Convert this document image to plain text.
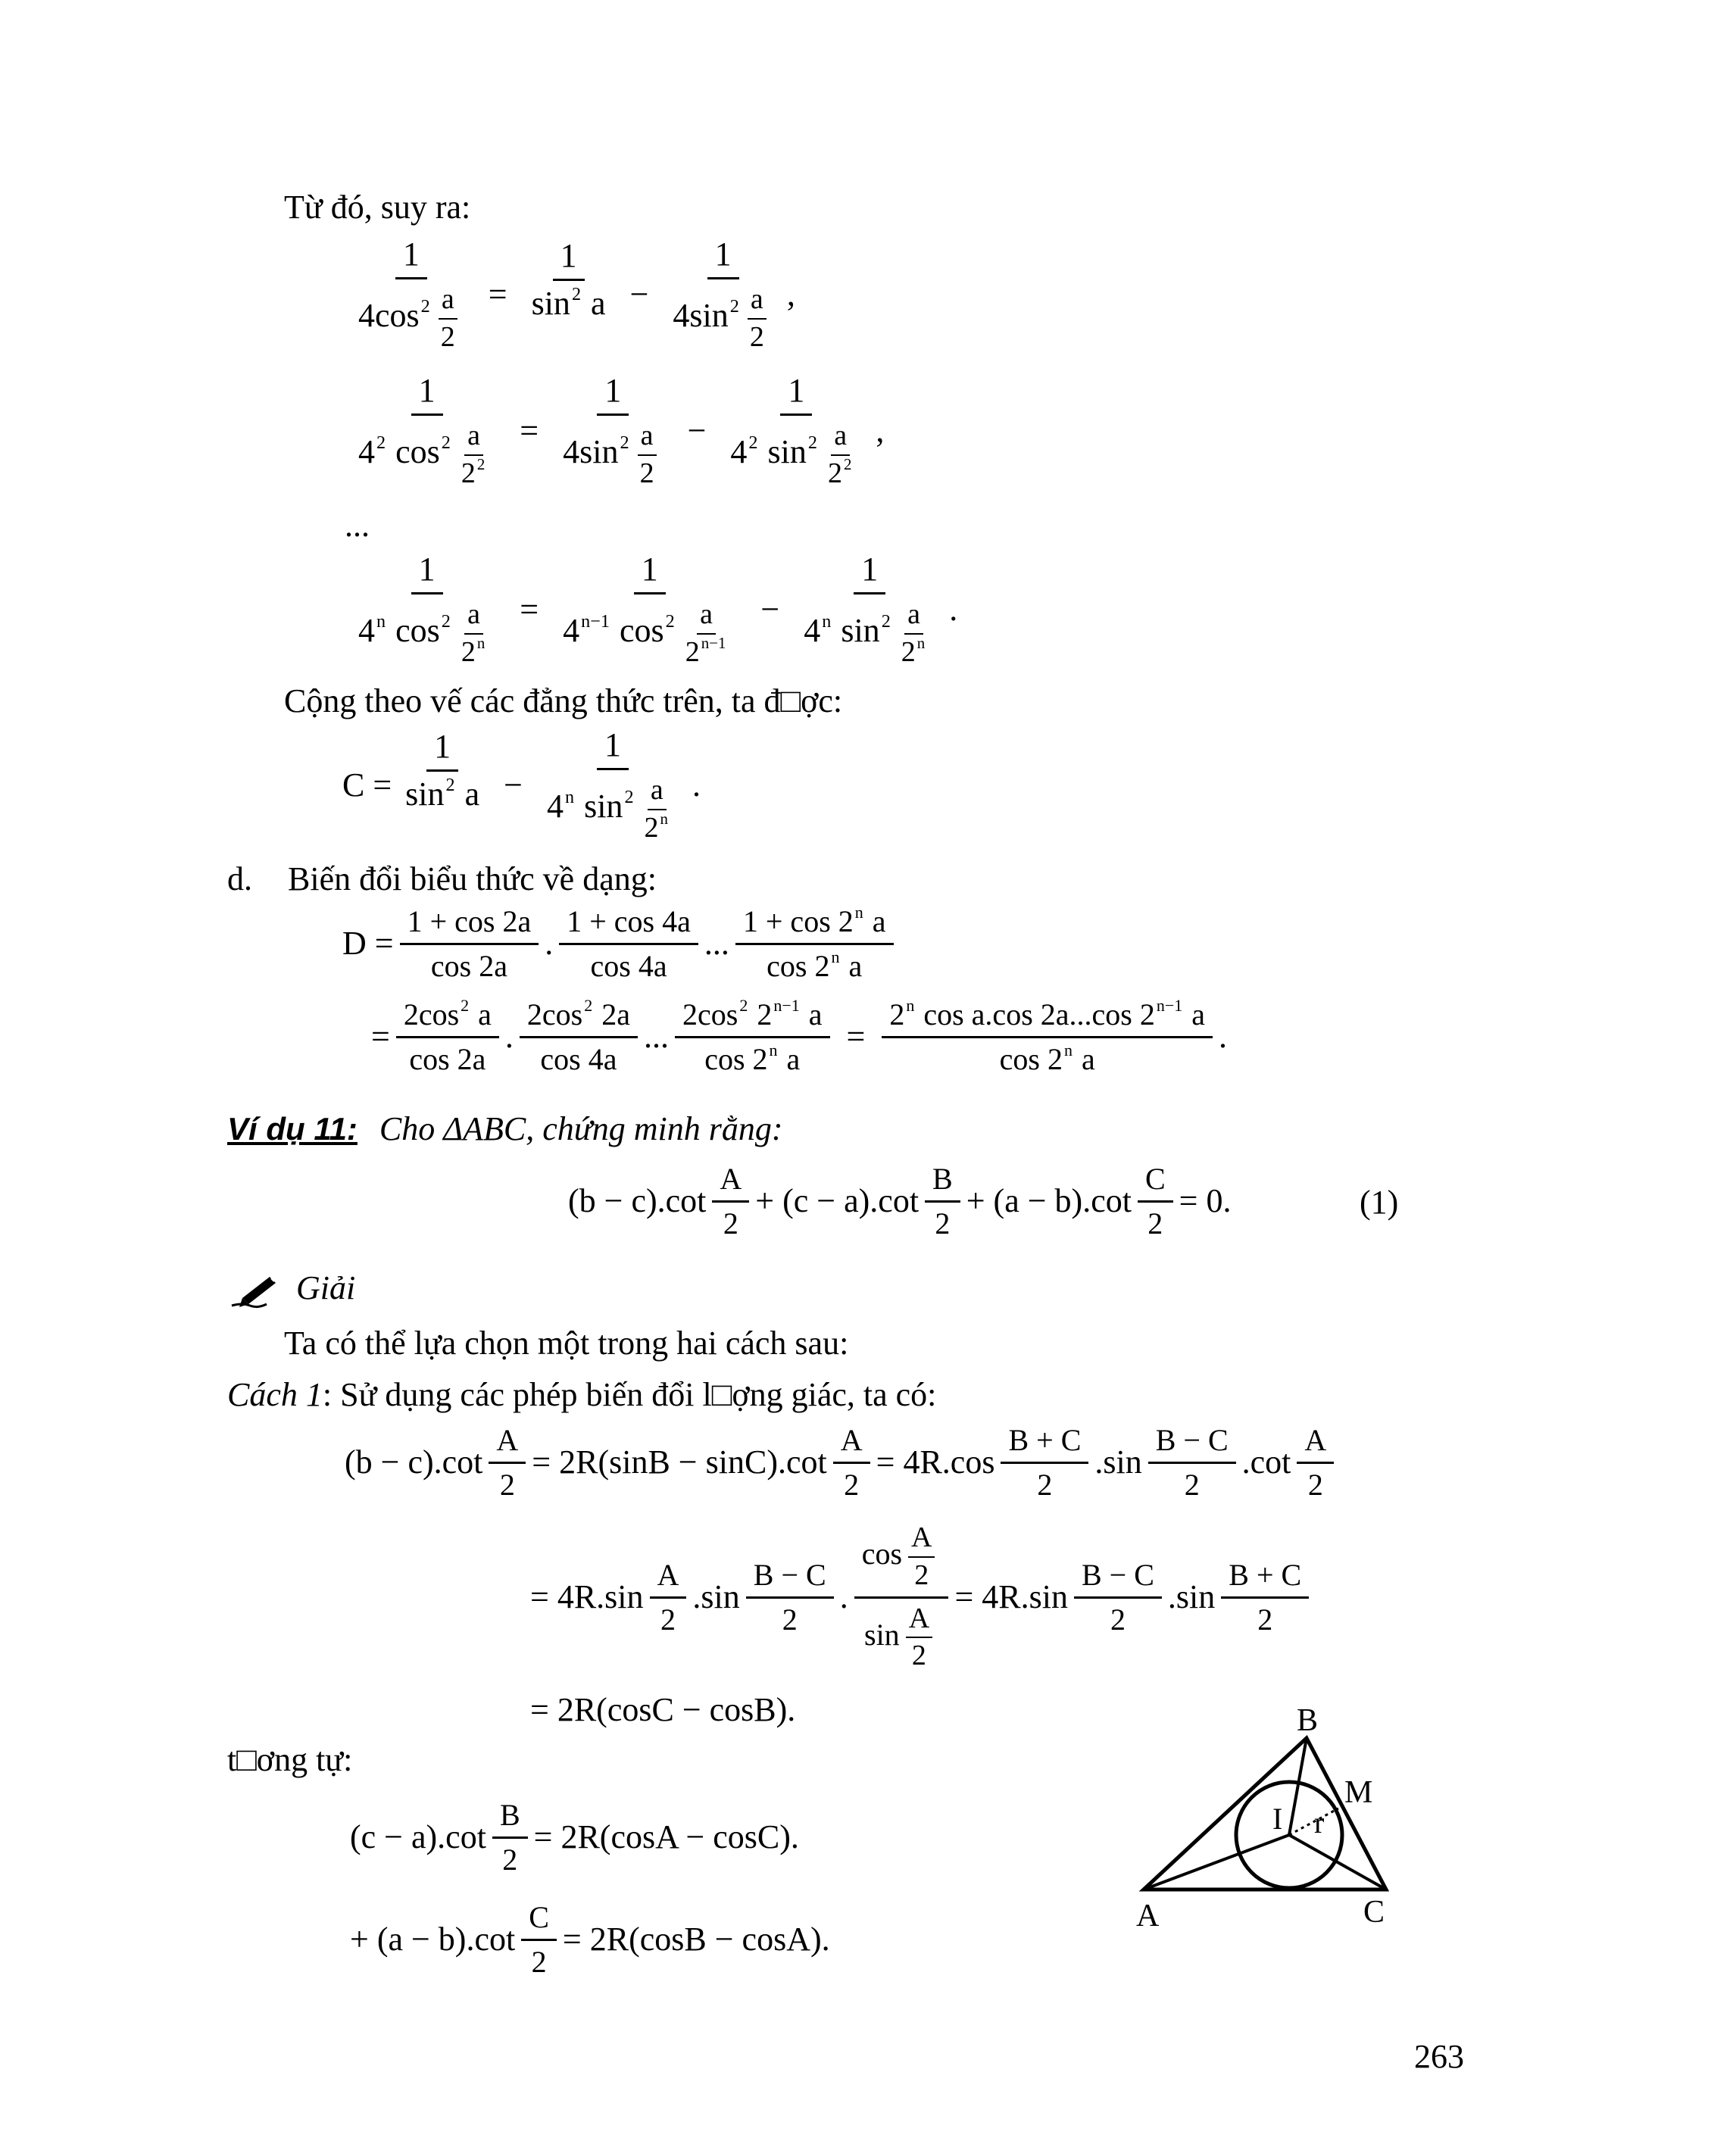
Từ đó, suy ra:
$\frac{1}{4\cos^2 \frac{a}{2}} = \frac{1}{\sin^2 a} - \frac{1}{4\sin^2 \frac{a}{2}}$ ,
$\frac{1}{4^2 \cos^2 \frac{a}{2^2}} = \frac{1}{4\sin^2 \frac{a}{2}} - \frac{1}{4^2 \sin^2 \frac{a}{2^2}}$ ,
...
$\frac{1}{4^n \cos^2 \frac{a}{2^n}} = \frac{1}{4^{n-1} \cos^2 \frac{a}{2^{n-1}}} - \frac{1}{4^n \sin^2 \frac{a}{2^n}}$ .
Cộng theo vế các đẳng thức trên, ta đ□ợc:
$C = \frac{1}{\sin^2 a} - \frac{1}{4^n \sin^2 \frac{a}{2^n}}$ .
d. Biến đổi biểu thức về dạng:
$D = \frac{1 + \cos 2a}{\cos 2a}$ . $\frac{1 + \cos 4a}{\cos 4a}$ ... $\frac{1 + \cos 2^n a}{\cos 2^n a}$
= $\frac{2\cos^2 a}{\cos 2a}$ . $\frac{2\cos^2 2a}{\cos 4a}$ ... $\frac{2\cos^2 2^{n-1} a}{\cos 2^n a} = \frac{2^n \cos a.\cos 2a...\cos 2^{n-1} a}{\cos 2^n a}$ .
Ví dụ 11: Cho ΔABC, chứng minh rằng:
$(b - c).\cot \frac{A}{2} + (c - a).\cot \frac{B}{2} + (a - b).\cot \frac{C}{2} = 0$.	(1)
Giải
Ta có thể lựa chọn một trong hai cách sau:
Cách 1: Sử dụng các phép biến đổi l□ợng giác, ta có:
$(b - c).\cot \frac{A}{2} = 2R(\sin B - \sin C).\cot \frac{A}{2} = 4R.\cos \frac{B + C}{2} .\sin \frac{B - C}{2} .\cot \frac{A}{2}$
= $4R.\sin \frac{A}{2} .\sin \frac{B - C}{2}$ . $\frac{\cos \frac{A}{2}}{\sin \frac{A}{2}} = 4R.\sin \frac{B - C}{2} .\sin \frac{B + C}{2}$
= 2R(cosC − cosB).
t□ơng tự:
$(c - a).\cot \frac{B}{2} = 2R(\cos A - \cos C)$.
+ $(a - b).\cot \frac{C}{2} = 2R(\cos B - \cos A)$.
B
M
I r
A	C
263
